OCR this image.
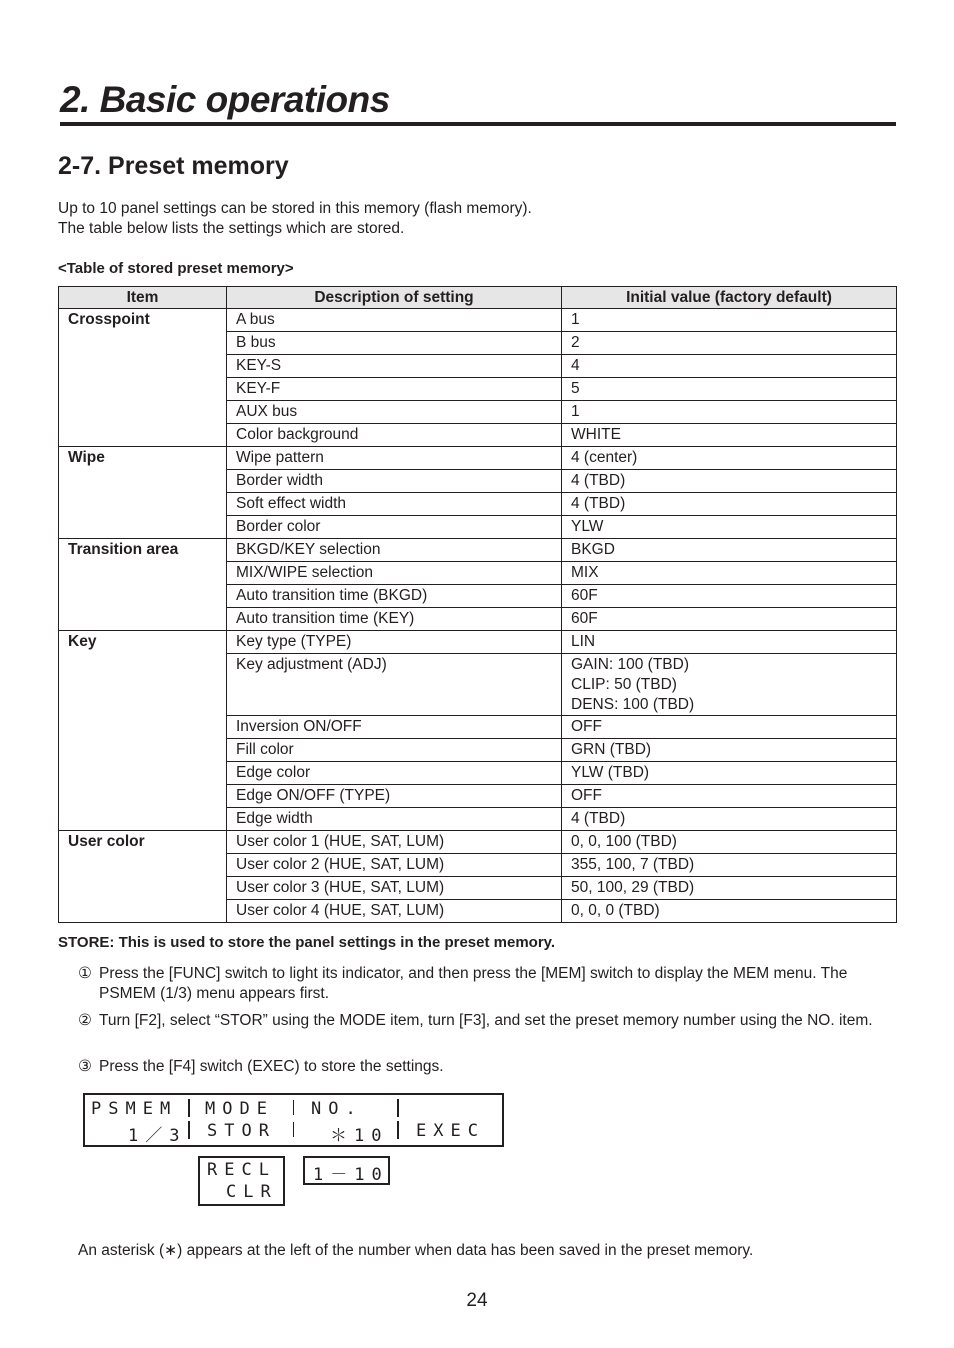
2. Basic operations
2-7. Preset memory
Up to 10 panel settings can be stored in this memory (flash memory).
The table below lists the settings which are stored.
<Table of stored preset memory>
Item	Description of setting	Initial value (factory default)
Crosspoint	A bus	1
	B bus	2
	KEY-S	4
	KEY-F	5
	AUX bus	1
	Color background	WHITE
Wipe	Wipe pattern	4 (center)
	Border width	4 (TBD)
	Soft effect width	4 (TBD)
	Border color	YLW
Transition area	BKGD/KEY selection	BKGD
	MIX/WIPE selection	MIX
	Auto transition time (BKGD)	60F
	Auto transition time (KEY)	60F
Key	Key type (TYPE)	LIN
	Key adjustment (ADJ)	GAIN: 100 (TBD)
CLIP: 50 (TBD)
DENS: 100 (TBD)
	Inversion ON/OFF	OFF
	Fill color	GRN (TBD)
	Edge color	YLW (TBD)
	Edge ON/OFF (TYPE)	OFF
	Edge width	4 (TBD)
User color	User color 1 (HUE, SAT, LUM)	0, 0, 100 (TBD)
	User color 2 (HUE, SAT, LUM)	355, 100, 7 (TBD)
	User color 3 (HUE, SAT, LUM)	50, 100, 29 (TBD)
	User color 4 (HUE, SAT, LUM)	0, 0, 0 (TBD)
STORE: This is used to store the panel settings in the preset memory.
① Press the [FUNC] switch to light its indicator, and then press the [MEM] switch to display the MEM menu. The PSMEM (1/3) menu appears first.
② Turn [F2], select “STOR” using the MODE item, turn [F3], and set the preset memory number using the NO. item.
③ Press the [F4] switch (EXEC) to store the settings.
PSMEM MODE NO.
1／3 STOR	＊10 EXEC
RECL
CLR
1－10
An asterisk (∗) appears at the left of the number when data has been saved in the preset memory.
24
